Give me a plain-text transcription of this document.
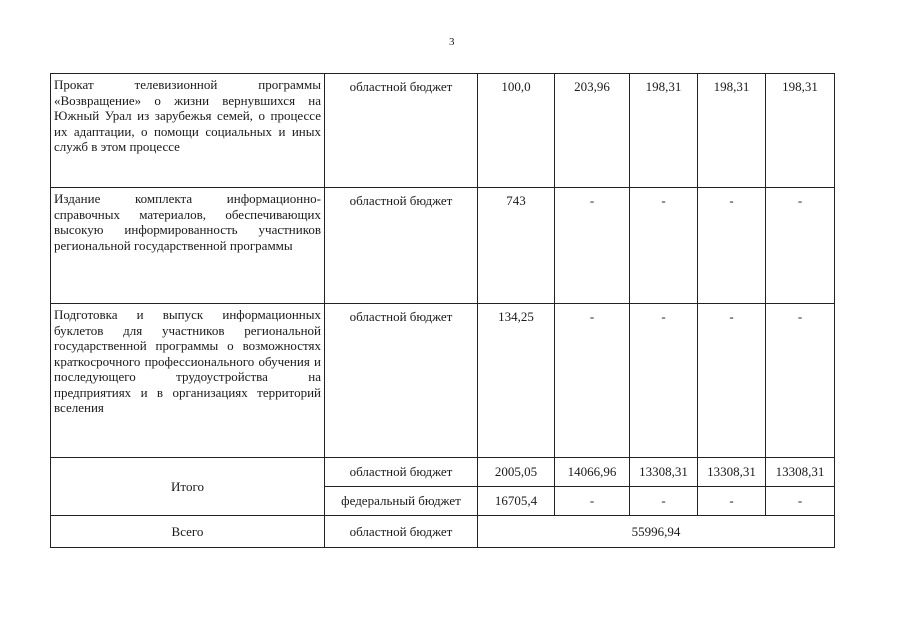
3
Прокат телевизионной программы «Возвращение» о жизни вернувшихся на Южный Урал из зарубежья семей, о процессе их адаптации, о помощи социальных и иных служб в этом процессе	областной бюджет	100,0	203,96	198,31	198,31	198,31
Издание комплекта информационно-справочных материалов, обеспечивающих высокую информированность участников региональной государственной программы	областной бюджет	743	-	-	-	-
Подготовка и выпуск информационных буклетов для участников региональной государственной программы о возможностях краткосрочного профессионального обучения и последующего трудоустройства на предприятиях и в организациях территорий вселения	областной бюджет	134,25	-	-	-	-
Итого	областной бюджет	2005,05	14066,96	13308,31	13308,31	13308,31
	федеральный бюджет	16705,4	-	-	-	-
Всего	областной бюджет	55996,94				
